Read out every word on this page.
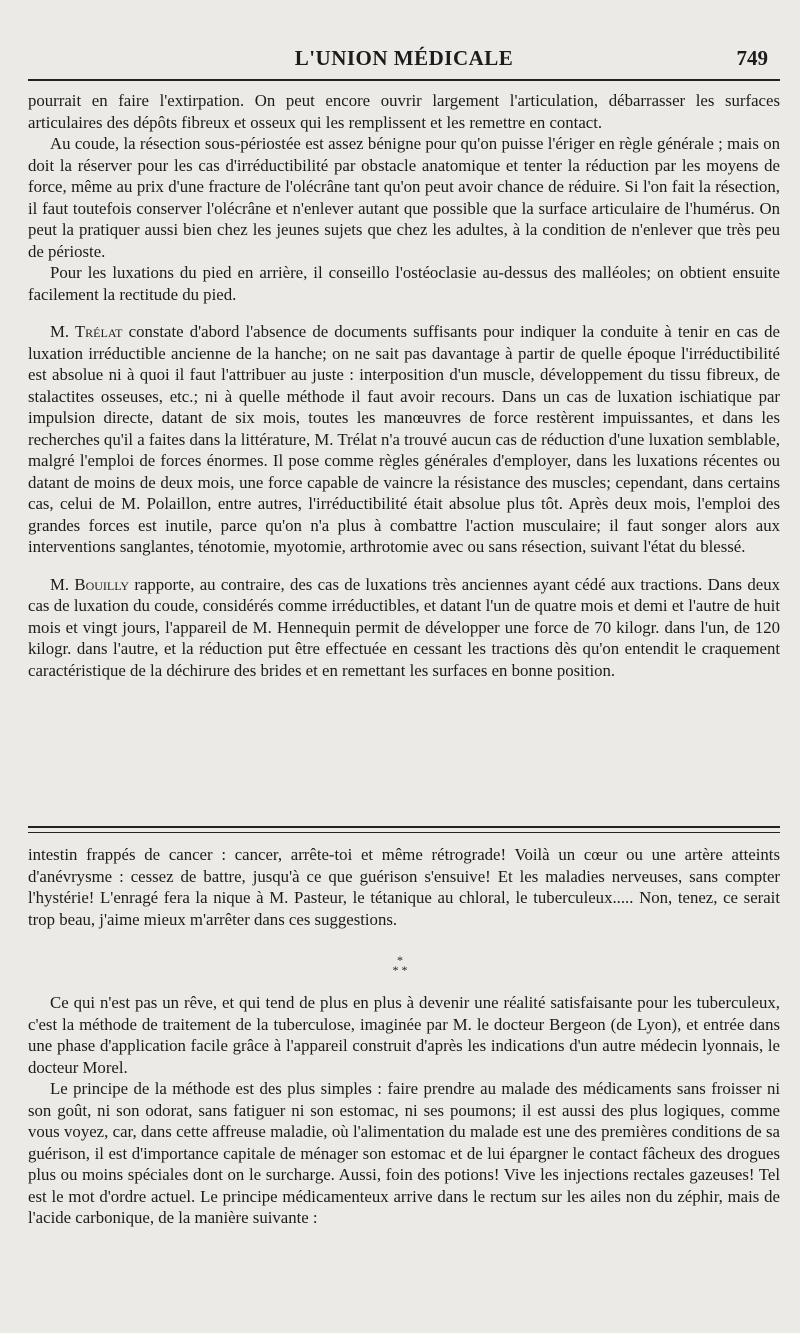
L'UNION MÉDICALE	749

pourrait en faire l'extirpation. On peut encore ouvrir largement l'articulation, débarrasser les surfaces articulaires des dépôts fibreux et osseux qui les remplissent et les remettre en contact.

Au coude, la résection sous-périostée est assez bénigne pour qu'on puisse l'ériger en règle générale ; mais on doit la réserver pour les cas d'irréductibilité par obstacle anatomique et tenter la réduction par les moyens de force, même au prix d'une fracture de l'olécrâne tant qu'on peut avoir chance de réduire. Si l'on fait la résection, il faut toutefois conserver l'olécrâne et n'enlever autant que possible que la surface articulaire de l'humérus. On peut la pratiquer aussi bien chez les jeunes sujets que chez les adultes, à la condition de n'enlever que très peu de périoste.

Pour les luxations du pied en arrière, il conseillo l'ostéoclasie au-dessus des malléoles; on obtient ensuite facilement la rectitude du pied.

M. Trélat constate d'abord l'absence de documents suffisants pour indiquer la conduite à tenir en cas de luxation irréductible ancienne de la hanche; on ne sait pas davantage à partir de quelle époque l'irréductibilité est absolue ni à quoi il faut l'attribuer au juste : interposition d'un muscle, développement du tissu fibreux, de stalactites osseuses, etc.; ni à quelle méthode il faut avoir recours. Dans un cas de luxation ischiatique par impulsion directe, datant de six mois, toutes les manœuvres de force restèrent impuissantes, et dans les recherches qu'il a faites dans la littérature, M. Trélat n'a trouvé aucun cas de réduction d'une luxation semblable, malgré l'emploi de forces énormes. Il pose comme règles générales d'employer, dans les luxations récentes ou datant de moins de deux mois, une force capable de vaincre la résistance des muscles; cependant, dans certains cas, celui de M. Polaillon, entre autres, l'irréductibilité était absolue plus tôt. Après deux mois, l'emploi des grandes forces est inutile, parce qu'on n'a plus à combattre l'action musculaire; il faut songer alors aux interventions sanglantes, ténotomie, myotomie, arthrotomie avec ou sans résection, suivant l'état du blessé.

M. Bouilly rapporte, au contraire, des cas de luxations très anciennes ayant cédé aux tractions. Dans deux cas de luxation du coude, considérés comme irréductibles, et datant l'un de quatre mois et demi et l'autre de huit mois et vingt jours, l'appareil de M. Hennequin permit de développer une force de 70 kilogr. dans l'un, de 120 kilogr. dans l'autre, et la réduction put être effectuée en cessant les tractions dès qu'on entendit le craquement caractéristique de la déchirure des brides et en remettant les surfaces en bonne position.

intestin frappés de cancer : cancer, arrête-toi et même rétrograde! Voilà un cœur ou une artère atteints d'anévrysme : cessez de battre, jusqu'à ce que guérison s'ensuive! Et les maladies nerveuses, sans compter l'hystérie! L'enragé fera la nique à M. Pasteur, le tétanique au chloral, le tuberculeux..... Non, tenez, ce serait trop beau, j'aime mieux m'arrêter dans ces suggestions.

*
* *

Ce qui n'est pas un rêve, et qui tend de plus en plus à devenir une réalité satisfaisante pour les tuberculeux, c'est la méthode de traitement de la tuberculose, imaginée par M. le docteur Bergeon (de Lyon), et entrée dans une phase d'application facile grâce à l'appareil construit d'après les indications d'un autre médecin lyonnais, le docteur Morel.

Le principe de la méthode est des plus simples : faire prendre au malade des médicaments sans froisser ni son goût, ni son odorat, sans fatiguer ni son estomac, ni ses poumons; il est aussi des plus logiques, comme vous voyez, car, dans cette affreuse maladie, où l'alimentation du malade est une des premières conditions de sa guérison, il est d'importance capitale de ménager son estomac et de lui épargner le contact fâcheux des drogues plus ou moins spéciales dont on le surcharge. Aussi, foin des potions! Vive les injections rectales gazeuses! Tel est le mot d'ordre actuel. Le principe médicamenteux arrive dans le rectum sur les ailes non du zéphir, mais de l'acide carbonique, de la manière suivante :
